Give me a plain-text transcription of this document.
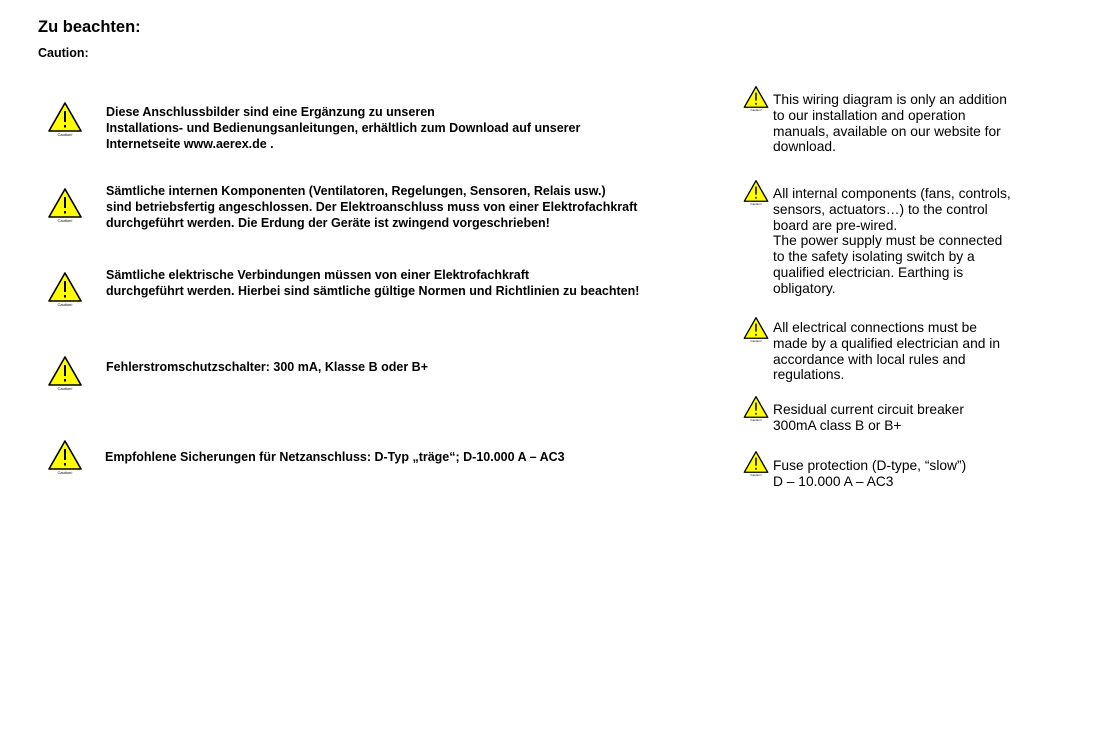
Zu beachten:
Caution:
Caution!
Caution!
Caution!
Caution!
Caution!
Diese Anschlussbilder sind eine Ergänzung zu unseren
Installations- und Bedienungsanleitungen, erhältlich zum Download auf unserer
Internetseite www.aerex.de .
Sämtliche internen Komponenten (Ventilatoren, Regelungen, Sensoren, Relais usw.)
sind betriebsfertig angeschlossen. Der Elektroanschluss muss von einer Elektrofachkraft
durchgeführt werden. Die Erdung der Geräte ist zwingend vorgeschrieben!
Sämtliche elektrische Verbindungen müssen von einer Elektrofachkraft
durchgeführt werden. Hierbei sind sämtliche gültige Normen und Richtlinien zu beachten!
Fehlerstromschutzschalter: 300 mA, Klasse B oder B+
Empfohlene Sicherungen für Netzanschluss: D-Typ „träge“; D-10.000 A – AC3
Caution!
Caution!
Caution!
Caution!
Caution!
This wiring diagram is only an addition
to our installation and operation
manuals, available on our website for
download.
All internal components (fans, controls,
sensors, actuators…) to the control
board are pre-wired.
The power supply must be connected
to the safety isolating switch by a
qualified electrician. Earthing is
obligatory.
All electrical connections must be
made by a qualified electrician and in
accordance with local rules and
regulations.
Residual current circuit breaker
300mA class B or B+
Fuse protection (D-type, “slow”)
D – 10.000 A – AC3
